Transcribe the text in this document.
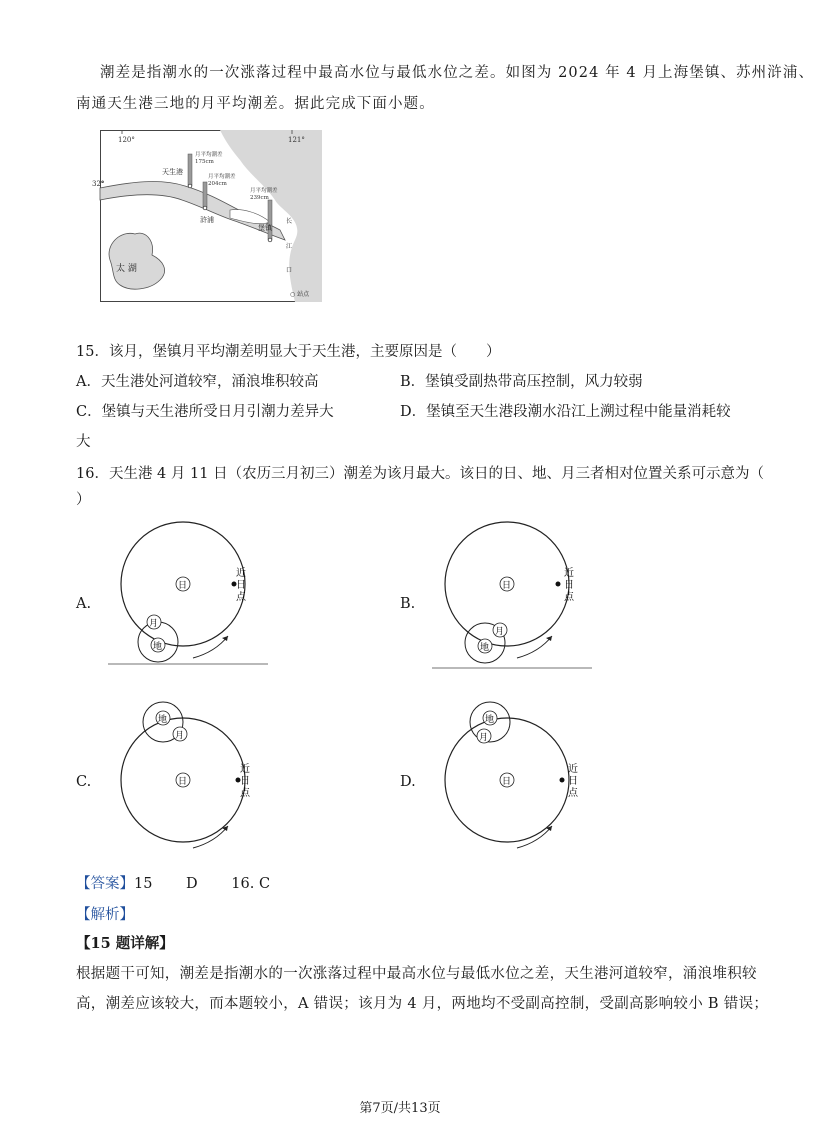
潮差是指潮水的一次涨落过程中最高水位与最低水位之差。如图为 2024 年 4 月上海堡镇、苏州浒浦、
南通天生港三地的月平均潮差。据此完成下面小题。
120°	121°
32°
月平均潮差
175cm
月平均潮差
204cm
月平均潮差
239cm
天生港
浒浦
堡镇
太 湖
长
江
口
○ 站点
15．该月，堡镇月平均潮差明显大于天生港，主要原因是（　　）
A．天生港处河道较窄，涌浪堆积较高	B．堡镇受副热带高压控制，风力较弱
C．堡镇与天生港所受日月引潮力差异大	D．堡镇至天生港段潮水沿江上溯过程中能量消耗较
大
16．天生港 4 月 11 日（农历三月初三）潮差为该月最大。该日的日、地、月三者相对位置关系可示意为（
）
A.
日
近
日
点
地
月
B.
日
近
日
点
地
月
C.	日
近
日
点
地
月
D.	日
近
日
点
地
月
【答案】15　　 D　　 16. C
【解析】
【15 题详解】
根据题干可知，潮差是指潮水的一次涨落过程中最高水位与最低水位之差，天生港河道较窄，涌浪堆积较
高，潮差应该较大，而本题较小，A 错误；该月为 4 月，两地均不受副高控制，受副高影响较小 B 错误；
第7页/共13页
